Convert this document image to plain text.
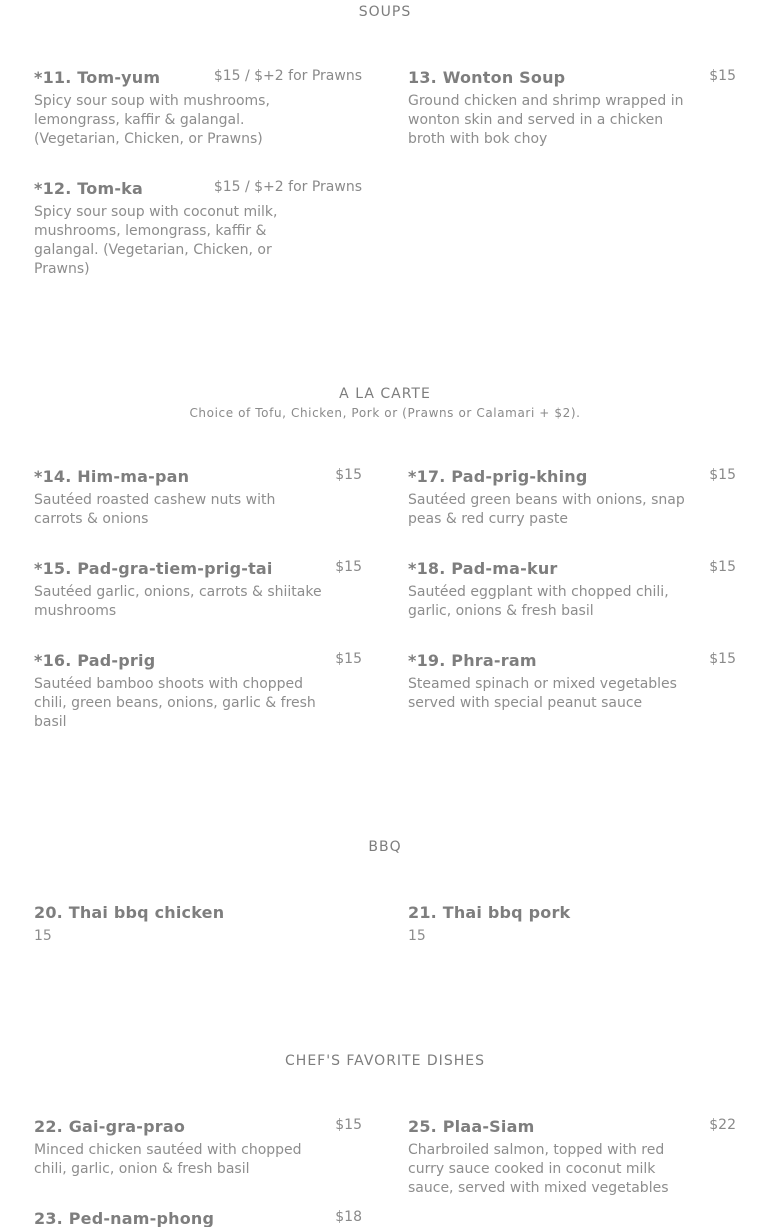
SOUPS
*11. Tom-yum	$15 / $+2 for Prawns
Spicy sour soup with mushrooms, lemongrass, kaffir & galangal. (Vegetarian, Chicken, or Prawns)
13. Wonton Soup	$15
Ground chicken and shrimp wrapped in wonton skin and served in a chicken broth with bok choy
*12. Tom-ka	$15 / $+2 for Prawns
Spicy sour soup with coconut milk, mushrooms, lemongrass, kaffir & galangal. (Vegetarian, Chicken, or Prawns)
A LA CARTE
Choice of Tofu, Chicken, Pork or (Prawns or Calamari + $2).
*14. Him-ma-pan	$15
Sautéed roasted cashew nuts with carrots & onions
*17. Pad-prig-khing	$15
Sautéed green beans with onions, snap peas & red curry paste
*15. Pad-gra-tiem-prig-tai	$15
Sautéed garlic, onions, carrots & shiitake mushrooms
*18. Pad-ma-kur	$15
Sautéed eggplant with chopped chili, garlic, onions & fresh basil
*16. Pad-prig	$15
Sautéed bamboo shoots with chopped chili, green beans, onions, garlic & fresh basil
*19. Phra-ram	$15
Steamed spinach or mixed vegetables served with special peanut sauce
BBQ
20. Thai bbq chicken
15
21. Thai bbq pork
15
CHEF'S FAVORITE DISHES
22. Gai-gra-prao	$15
Minced chicken sautéed with chopped chili, garlic, onion & fresh basil
25. Plaa-Siam	$22
Charbroiled salmon, topped with red curry sauce cooked in coconut milk sauce, served with mixed vegetables
23. Ped-nam-phong	$18
